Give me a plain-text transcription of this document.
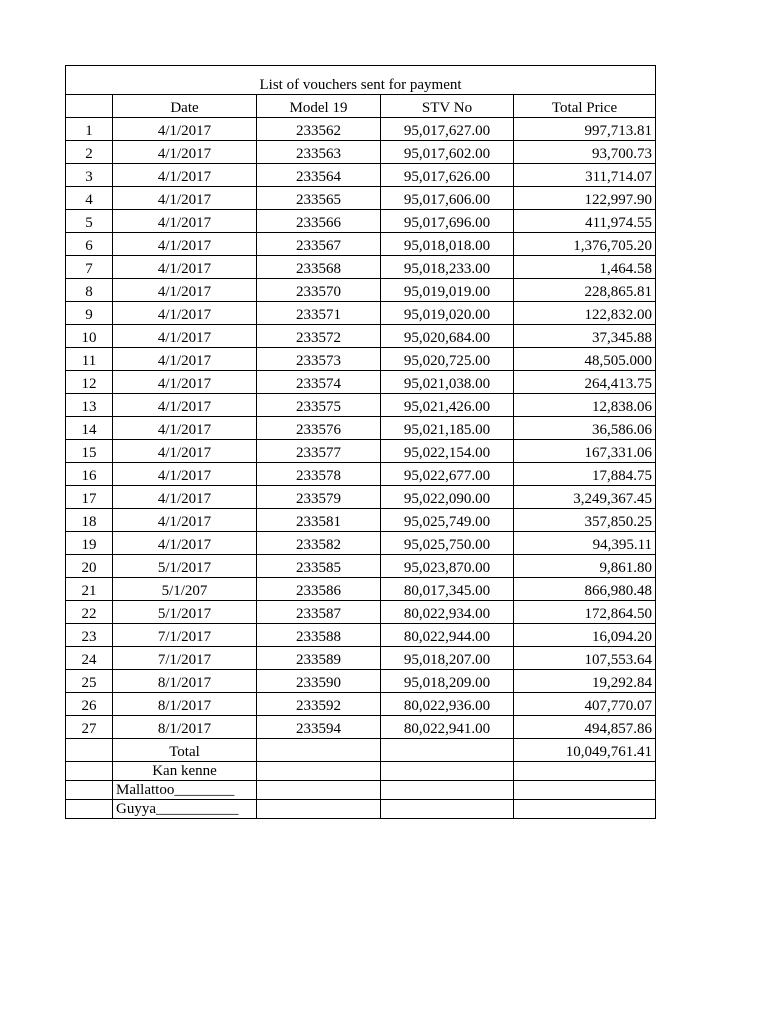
List of vouchers sent for payment				
	Date	Model 19	STV No	Total Price
1	4/1/2017	233562	95,017,627.00	997,713.81
2	4/1/2017	233563	95,017,602.00	93,700.73
3	4/1/2017	233564	95,017,626.00	311,714.07
4	4/1/2017	233565	95,017,606.00	122,997.90
5	4/1/2017	233566	95,017,696.00	411,974.55
6	4/1/2017	233567	95,018,018.00	1,376,705.20
7	4/1/2017	233568	95,018,233.00	1,464.58
8	4/1/2017	233570	95,019,019.00	228,865.81
9	4/1/2017	233571	95,019,020.00	122,832.00
10	4/1/2017	233572	95,020,684.00	37,345.88
11	4/1/2017	233573	95,020,725.00	48,505.000
12	4/1/2017	233574	95,021,038.00	264,413.75
13	4/1/2017	233575	95,021,426.00	12,838.06
14	4/1/2017	233576	95,021,185.00	36,586.06
15	4/1/2017	233577	95,022,154.00	167,331.06
16	4/1/2017	233578	95,022,677.00	17,884.75
17	4/1/2017	233579	95,022,090.00	3,249,367.45
18	4/1/2017	233581	95,025,749.00	357,850.25
19	4/1/2017	233582	95,025,750.00	94,395.11
20	5/1/2017	233585	95,023,870.00	9,861.80
21	5/1/207	233586	80,017,345.00	866,980.48
22	5/1/2017	233587	80,022,934.00	172,864.50
23	7/1/2017	233588	80,022,944.00	16,094.20
24	7/1/2017	233589	95,018,207.00	107,553.64
25	8/1/2017	233590	95,018,209.00	19,292.84
26	8/1/2017	233592	80,022,936.00	407,770.07
27	8/1/2017	233594	80,022,941.00	494,857.86
	Total			10,049,761.41
	Kan kenne			
	Mallattoo________			
	Guyya___________			
